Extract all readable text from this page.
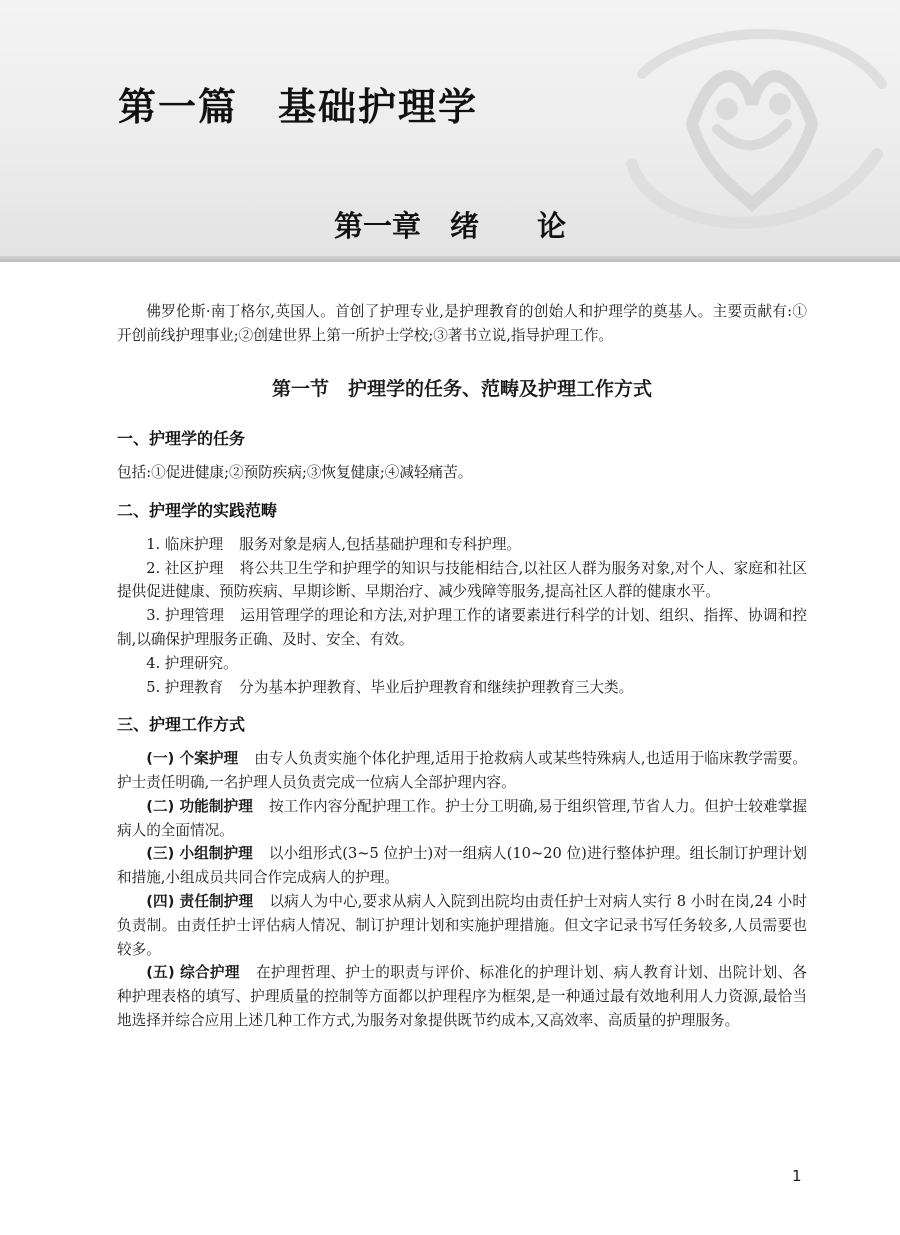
第一篇　基础护理学
第一章　绪　　论

佛罗伦斯·南丁格尔,英国人。首创了护理专业,是护理教育的创始人和护理学的奠基人。主要贡献有:①开创前线护理事业;②创建世界上第一所护士学校;③著书立说,指导护理工作。

第一节　护理学的任务、范畴及护理工作方式
一、护理学的任务

包括:①促进健康;②预防疾病;③恢复健康;④减轻痛苦。

二、护理学的实践范畴

1. 临床护理 服务对象是病人,包括基础护理和专科护理。

2. 社区护理 将公共卫生学和护理学的知识与技能相结合,以社区人群为服务对象,对个人、家庭和社区提供促进健康、预防疾病、早期诊断、早期治疗、减少残障等服务,提高社区人群的健康水平。

3. 护理管理 运用管理学的理论和方法,对护理工作的诸要素进行科学的计划、组织、指挥、协调和控制,以确保护理服务正确、及时、安全、有效。

4. 护理研究。

5. 护理教育 分为基本护理教育、毕业后护理教育和继续护理教育三大类。

三、护理工作方式

(一) 个案护理 由专人负责实施个体化护理,适用于抢救病人或某些特殊病人,也适用于临床教学需要。护士责任明确,一名护理人员负责完成一位病人全部护理内容。

(二) 功能制护理 按工作内容分配护理工作。护士分工明确,易于组织管理,节省人力。但护士较难掌握病人的全面情况。

(三) 小组制护理 以小组形式(3~5 位护士)对一组病人(10~20 位)进行整体护理。组长制订护理计划和措施,小组成员共同合作完成病人的护理。

(四) 责任制护理 以病人为中心,要求从病人入院到出院均由责任护士对病人实行 8 小时在岗,24 小时负责制。由责任护士评估病人情况、制订护理计划和实施护理措施。但文字记录书写任务较多,人员需要也较多。

(五) 综合护理 在护理哲理、护士的职责与评价、标准化的护理计划、病人教育计划、出院计划、各种护理表格的填写、护理质量的控制等方面都以护理程序为框架,是一种通过最有效地利用人力资源,最恰当地选择并综合应用上述几种工作方式,为服务对象提供既节约成本,又高效率、高质量的护理服务。

1
